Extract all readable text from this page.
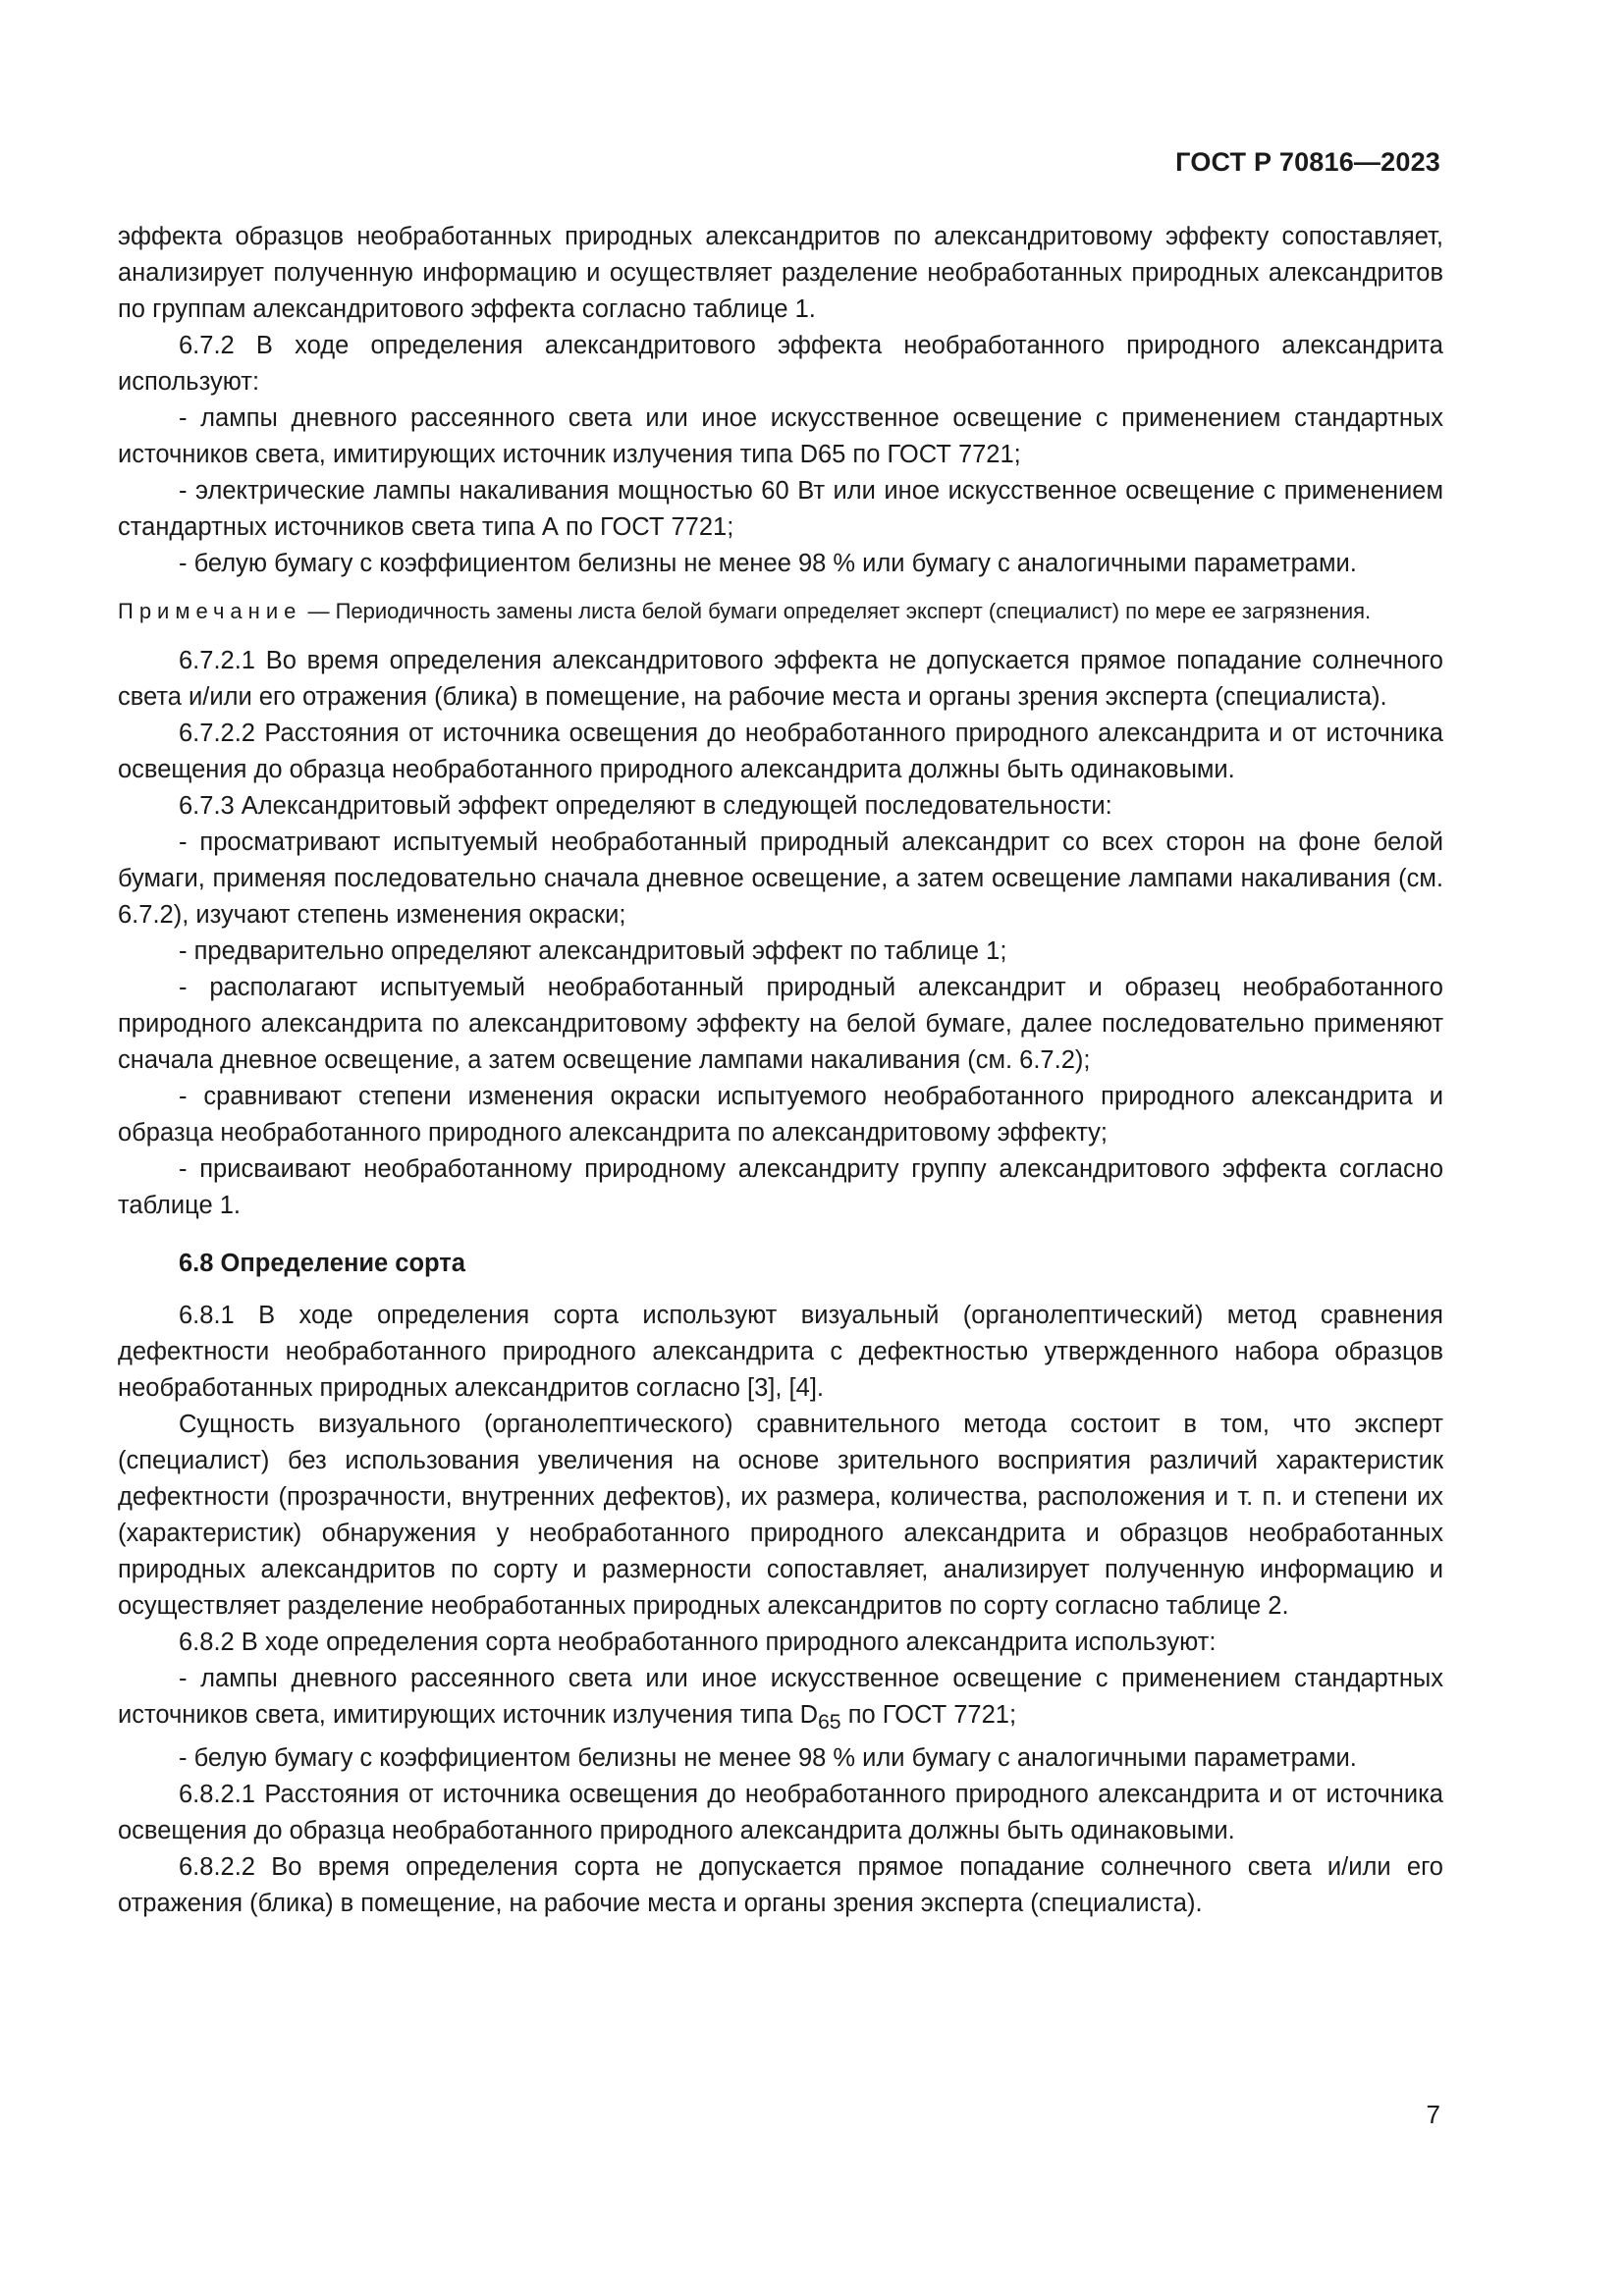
ГОСТ Р 70816—2023

эффекта образцов необработанных природных александритов по александритовому эффекту сопоставляет, анализирует полученную информацию и осуществляет разделение необработанных природных александритов по группам александритового эффекта согласно таблице 1.

6.7.2 В ходе определения александритового эффекта необработанного природного александрита используют:

- лампы дневного рассеянного света или иное искусственное освещение с применением стандартных источников света, имитирующих источник излучения типа D65 по ГОСТ 7721;

- электрические лампы накаливания мощностью 60 Вт или иное искусственное освещение с применением стандартных источников света типа А по ГОСТ 7721;

- белую бумагу с коэффициентом белизны не менее 98 % или бумагу с аналогичными параметрами.

Примечание — Периодичность замены листа белой бумаги определяет эксперт (специалист) по мере ее загрязнения.

6.7.2.1 Во время определения александритового эффекта не допускается прямое попадание солнечного света и/или его отражения (блика) в помещение, на рабочие места и органы зрения эксперта (специалиста).

6.7.2.2 Расстояния от источника освещения до необработанного природного александрита и от источника освещения до образца необработанного природного александрита должны быть одинаковыми.

6.7.3 Александритовый эффект определяют в следующей последовательности:

- просматривают испытуемый необработанный природный александрит со всех сторон на фоне белой бумаги, применяя последовательно сначала дневное освещение, а затем освещение лампами накаливания (см. 6.7.2), изучают степень изменения окраски;

- предварительно определяют александритовый эффект по таблице 1;

- располагают испытуемый необработанный природный александрит и образец необработанного природного александрита по александритовому эффекту на белой бумаге, далее последовательно применяют сначала дневное освещение, а затем освещение лампами накаливания (см. 6.7.2);

- сравнивают степени изменения окраски испытуемого необработанного природного александрита и образца необработанного природного александрита по александритовому эффекту;

- присваивают необработанному природному александриту группу александритового эффекта согласно таблице 1.

6.8 Определение сорта

6.8.1 В ходе определения сорта используют визуальный (органолептический) метод сравнения дефектности необработанного природного александрита с дефектностью утвержденного набора образцов необработанных природных александритов согласно [3], [4].

Сущность визуального (органолептического) сравнительного метода состоит в том, что эксперт (специалист) без использования увеличения на основе зрительного восприятия различий характеристик дефектности (прозрачности, внутренних дефектов), их размера, количества, расположения и т. п. и степени их (характеристик) обнаружения у необработанного природного александрита и образцов необработанных природных александритов по сорту и размерности сопоставляет, анализирует полученную информацию и осуществляет разделение необработанных природных александритов по сорту согласно таблице 2.

6.8.2 В ходе определения сорта необработанного природного александрита используют:

- лампы дневного рассеянного света или иное искусственное освещение с применением стандартных источников света, имитирующих источник излучения типа $D_{65}$ по ГОСТ 7721;

- белую бумагу с коэффициентом белизны не менее 98 % или бумагу с аналогичными параметрами.

6.8.2.1 Расстояния от источника освещения до необработанного природного александрита и от источника освещения до образца необработанного природного александрита должны быть одинаковыми.

6.8.2.2 Во время определения сорта не допускается прямое попадание солнечного света и/или его отражения (блика) в помещение, на рабочие места и органы зрения эксперта (специалиста).

7
